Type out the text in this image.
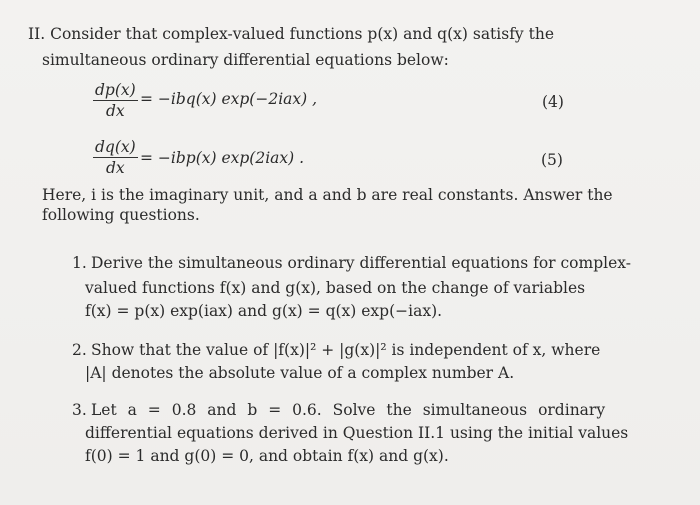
II. Consider that complex-valued functions p(x) and q(x) satisfy the
simultaneous ordinary differential equations below:
$\frac{dp(x)}{dx} = -ibq(x)$ exp(−2iax) ,	(4)
$\frac{dq(x)}{dx} = -ibp(x)$ exp(2iax) .	(5)
Here, i is the imaginary unit, and a and b are real constants. Answer the
following questions.
1. Derive the simultaneous ordinary differential equations for complex-
valued functions f(x) and g(x), based on the change of variables
f(x) = p(x) exp(iax) and g(x) = q(x) exp(−iax).
2. Show that the value of |f(x)|² + |g(x)|² is independent of x, where
|A| denotes the absolute value of a complex number A.
3. Let a = 0.8 and b = 0.6. Solve the simultaneous ordinary
differential equations derived in Question II.1 using the initial values
f(0) = 1 and g(0) = 0, and obtain f(x) and g(x).
